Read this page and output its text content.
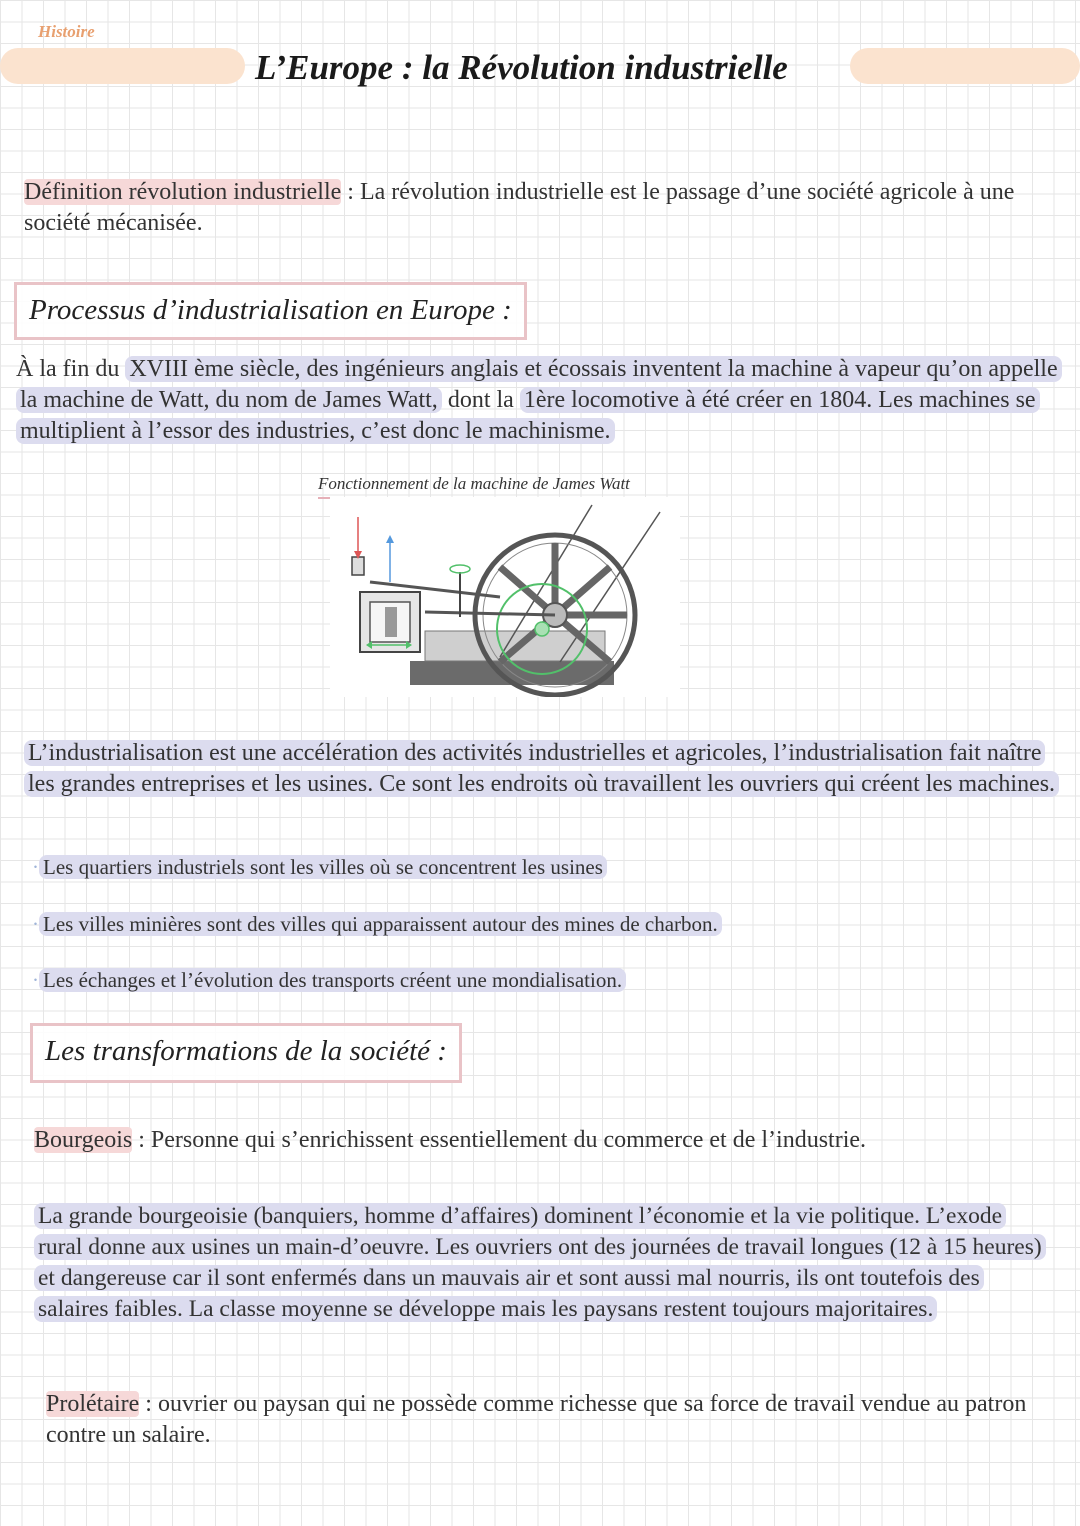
Histoire
L’Europe : la Révolution industrielle
Définition révolution industrielle : La révolution industrielle est le passage d’une société agricole à une société mécanisée.
Processus d’industrialisation en Europe :
À la fin du XVIII ème siècle, des ingénieurs anglais et écossais inventent la machine à vapeur qu’on appelle la machine de Watt, du nom de James Watt, dont la 1ère locomotive à été créer en 1804. Les machines se multiplient à l’essor des industries, c’est donc le machinisme.
Fonctionnement de la machine de James Watt
L’industrialisation est une accélération des activités industrielles et agricoles, l’industrialisation fait naître les grandes entreprises et les usines. Ce sont les endroits où travaillent les ouvriers qui créent les machines.
· Les quartiers industriels sont les villes où se concentrent les usines
· Les villes minières sont des villes qui apparaissent autour des mines de charbon.
· Les échanges et l’évolution des transports créent une mondialisation.
Les transformations de la société :
Bourgeois : Personne qui s’enrichissent essentiellement du commerce et de l’industrie.
La grande bourgeoisie (banquiers, homme d’affaires) dominent l’économie et la vie politique. L’exode rural donne aux usines un main-d’oeuvre. Les ouvriers ont des journées de travail longues (12 à 15 heures) et dangereuse car il sont enfermés dans un mauvais air et sont aussi mal nourris, ils ont toutefois des salaires faibles. La classe moyenne se développe mais les paysans restent toujours majoritaires.
Prolétaire : ouvrier ou paysan qui ne possède comme richesse que sa force de travail vendue au patron contre un salaire.
